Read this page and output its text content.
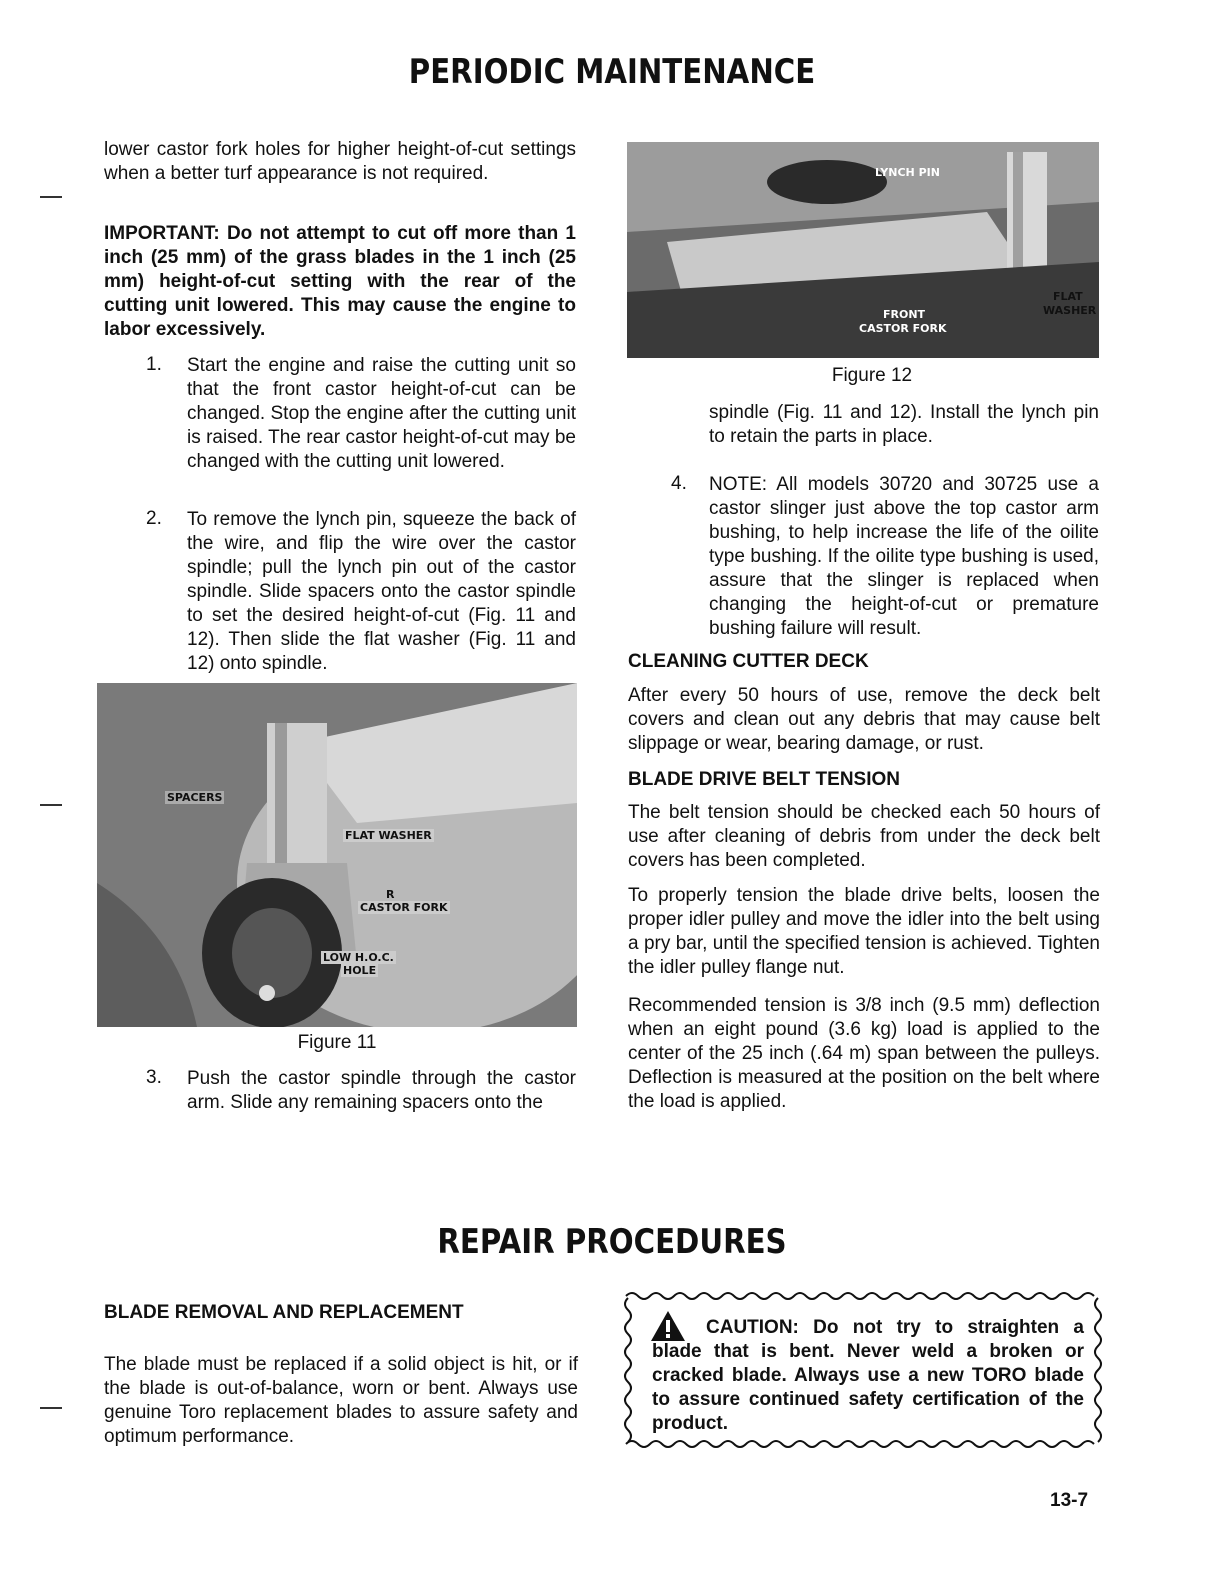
PERIODIC MAINTENANCE

lower castor fork holes for higher height-of-cut settings when a better turf appearance is not required.

IMPORTANT: Do not attempt to cut off more than 1 inch (25 mm) of the grass blades in the 1 inch (25 mm) height-of-cut setting with the rear of the cutting unit lowered. This may cause the engine to labor excessively.

1. Start the engine and raise the cutting unit so that the front castor height-of-cut can be changed. Stop the engine after the cutting unit is raised. The rear castor height-of-cut may be changed with the cutting unit lowered.

2. To remove the lynch pin, squeeze the back of the wire, and flip the wire over the castor spindle; pull the lynch pin out of the castor spindle. Slide spacers onto the castor spindle to set the desired height-of-cut (Fig. 11 and 12). Then slide the flat washer (Fig. 11 and 12) onto spindle.

SPACERS
FLAT WASHER
R
CASTOR FORK
LOW H.O.C.
HOLE
Figure 11
3. Push the castor spindle through the castor arm. Slide any remaining spacers onto the

LYNCH PIN
FLAT
WASHER
FRONT
CASTOR FORK
Figure 12

spindle (Fig. 11 and 12). Install the lynch pin to retain the parts in place.

4. NOTE: All models 30720 and 30725 use a castor slinger just above the top castor arm bushing, to help increase the life of the oilite type bushing. If the oilite type bushing is used, assure that the slinger is replaced when changing the height-of-cut or premature bushing failure will result.

CLEANING CUTTER DECK

After every 50 hours of use, remove the deck belt covers and clean out any debris that may cause belt slippage or wear, bearing damage, or rust.

BLADE DRIVE BELT TENSION

The belt tension should be checked each 50 hours of use after cleaning of debris from under the deck belt covers has been completed.

To properly tension the blade drive belts, loosen the proper idler pulley and move the idler into the belt using a pry bar, until the specified tension is achieved. Tighten the idler pulley flange nut.

Recommended tension is 3/8 inch (9.5 mm) deflection when an eight pound (3.6 kg) load is applied to the center of the 25 inch (.64 m) span between the pulleys. Deflection is measured at the position on the belt where the load is applied.

REPAIR PROCEDURES
BLADE REMOVAL AND REPLACEMENT

The blade must be replaced if a solid object is hit, or if the blade is out-of-balance, worn or bent. Always use genuine Toro replacement blades to assure safety and optimum performance.

CAUTION: Do not try to straighten a blade that is bent. Never weld a broken or cracked blade. Always use a new TORO blade to assure continued safety certification of the product.

13-7
